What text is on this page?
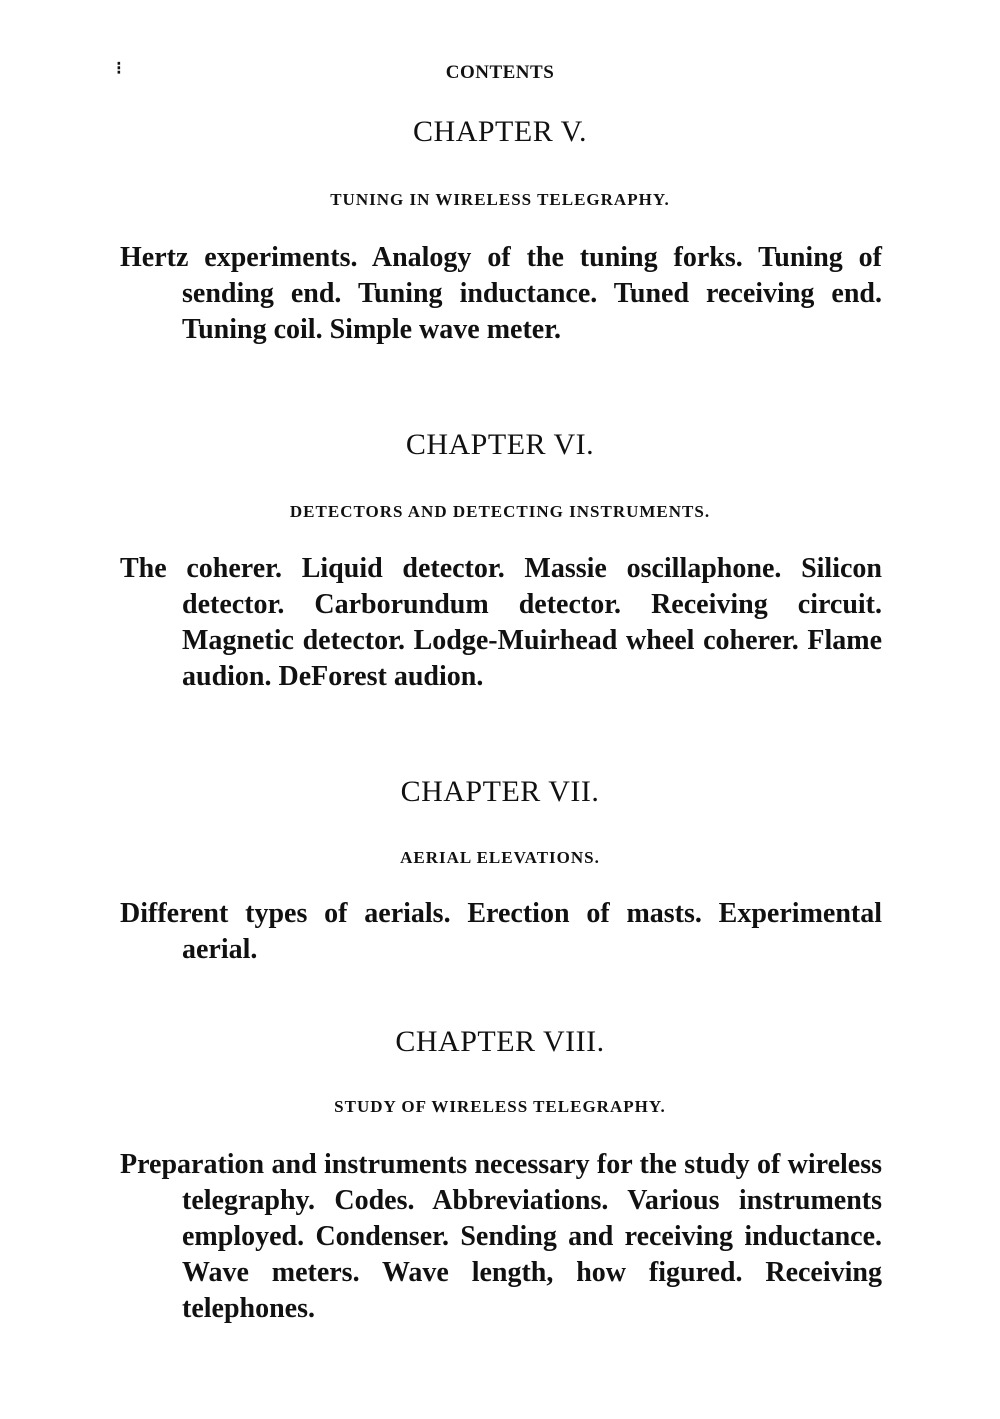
⁝	CONTENTS
CHAPTER V.
TUNING IN WIRELESS TELEGRAPHY.
Hertz experiments. Analogy of the tuning forks. Tuning of sending end. Tuning inductance. Tuned receiving end. Tuning coil. Simple wave meter.
CHAPTER VI.
DETECTORS AND DETECTING INSTRUMENTS.
The coherer. Liquid detector. Massie oscillaphone. Silicon detector. Carborundum detector. Receiving circuit. Magnetic detector. Lodge-Muirhead wheel coherer. Flame audion. DeForest audion.
CHAPTER VII.
AERIAL ELEVATIONS.
Different types of aerials. Erection of masts. Experimental aerial.
CHAPTER VIII.
STUDY OF WIRELESS TELEGRAPHY.
Preparation and instruments necessary for the study of wireless telegraphy. Codes. Abbreviations. Various instruments employed. Condenser. Sending and receiving inductance. Wave meters. Wave length, how figured. Receiving telephones.
